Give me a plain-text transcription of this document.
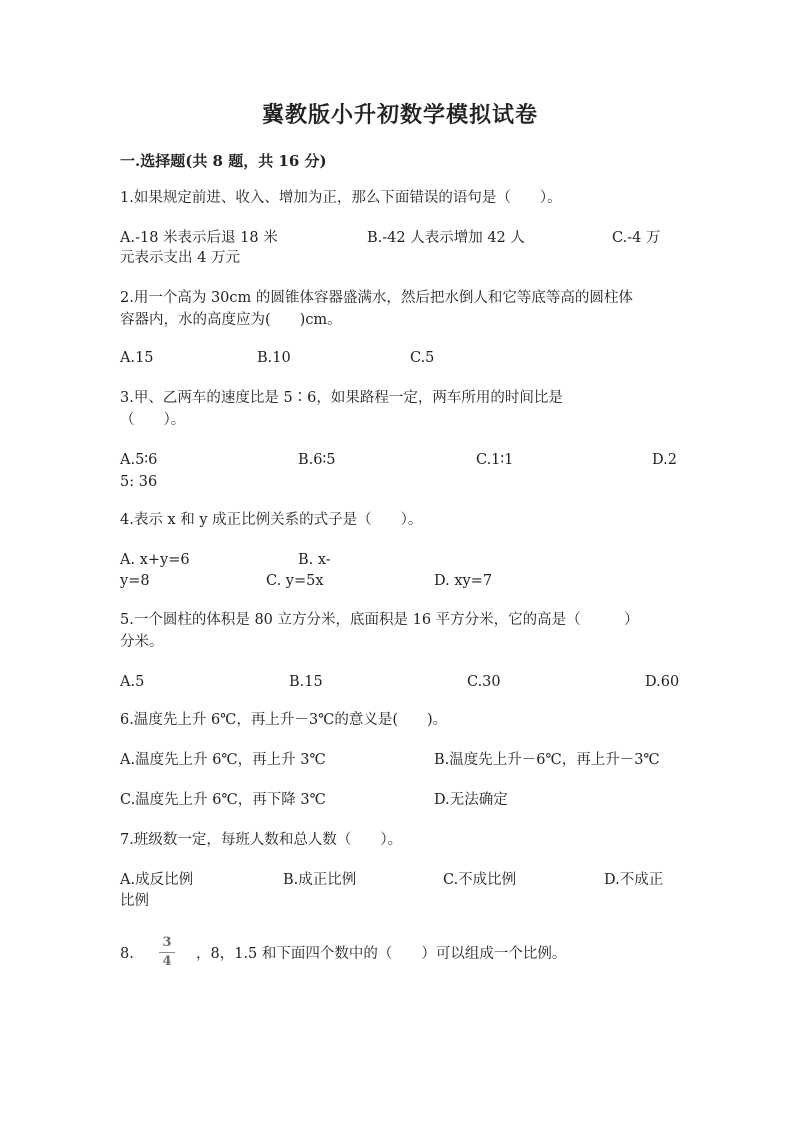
冀教版小升初数学模拟试卷
一.选择题(共 8 题，共 16 分)
1.如果规定前进、收入、增加为正，那么下面错误的语句是（　　）。
A.-18 米表示后退 18 米	B.-42 人表示增加 42 人	C.-4 万
元表示支出 4 万元
2.用一个高为 30cm 的圆锥体容器盛满水，然后把水倒人和它等底等高的圆柱体
容器内，水的高度应为(　　)cm。
A.15	B.10	C.5
3.甲、乙两车的速度比是 5∶6，如果路程一定，两车所用的时间比是
（　　）。
A.5∶6	B.6∶5	C.1∶1	D.2
5: 36
4.表示 x 和 y 成正比例关系的式子是（　　）。
A. x+y=6	B. x-
y=8	C. y=5x	D. xy=7
5.一个圆柱的体积是 80 立方分米，底面积是 16 平方分米，它的高是（　　　）
分米。
A.5	B.15	C.30	D.60
6.温度先上升 6℃，再上升－3℃的意义是(　　)。
A.温度先上升 6℃，再上升 3℃	B.温度先上升－6℃，再上升－3℃
C.温度先上升 6℃，再下降 3℃	D.无法确定
7.班级数一定，每班人数和总人数（　　）。
A.成反比例	B.成正比例	C.不成比例	D.不成正
比例
8.
3
4	，8，1.5 和下面四个数中的（　　）可以组成一个比例。
